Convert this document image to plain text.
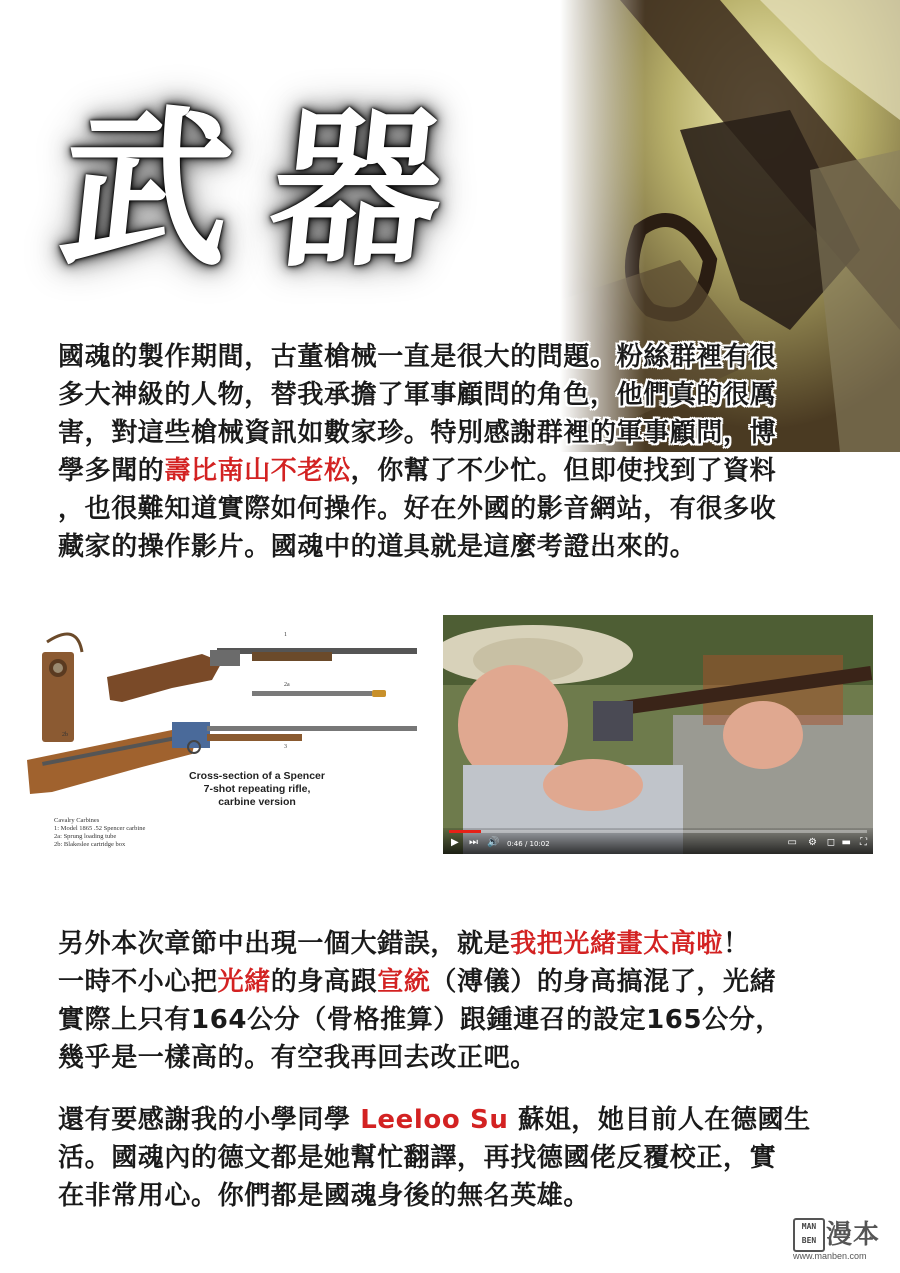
武 器

國魂的製作期間，古董槍械一直是很大的問題。粉絲群裡有很

多大神級的人物，替我承擔了軍事顧問的角色，他們真的很厲

害，對這些槍械資訊如數家珍。特別感謝群裡的軍事顧問，博

學多聞的壽比南山不老松，你幫了不少忙。但即使找到了資料

，也很難知道實際如何操作。好在外國的影音網站，有很多收

藏家的操作影片。國魂中的道具就是這麼考證出來的。

1
2a
2b
3
Cross-section of a Spencer
7-shot repeating rifle,
carbine version
Cavalry Carbines
1: Model 1865 .52 Spencer carbine
2a: Sprung loading tube
2b: Blakeslee cartridge box	▶ ⏭ 🔊 0:46 / 10:02	▭ ⚙ ◻ ▬ ⛶

另外本次章節中出現一個大錯誤，就是我把光緒畫太高啦！

一時不小心把光緒的身高跟宣統（溥儀）的身高搞混了，光緒

實際上只有164公分（骨格推算）跟鍾連召的設定165公分，

幾乎是一樣高的。有空我再回去改正吧。

還有要感謝我的小學同學 Leeloo Su 蘇姐，她目前人在德國生

活。國魂內的德文都是她幫忙翻譯，再找德國佬反覆校正，實

在非常用心。你們都是國魂身後的無名英雄。

MAN
BEN 漫本
www.manben.com
